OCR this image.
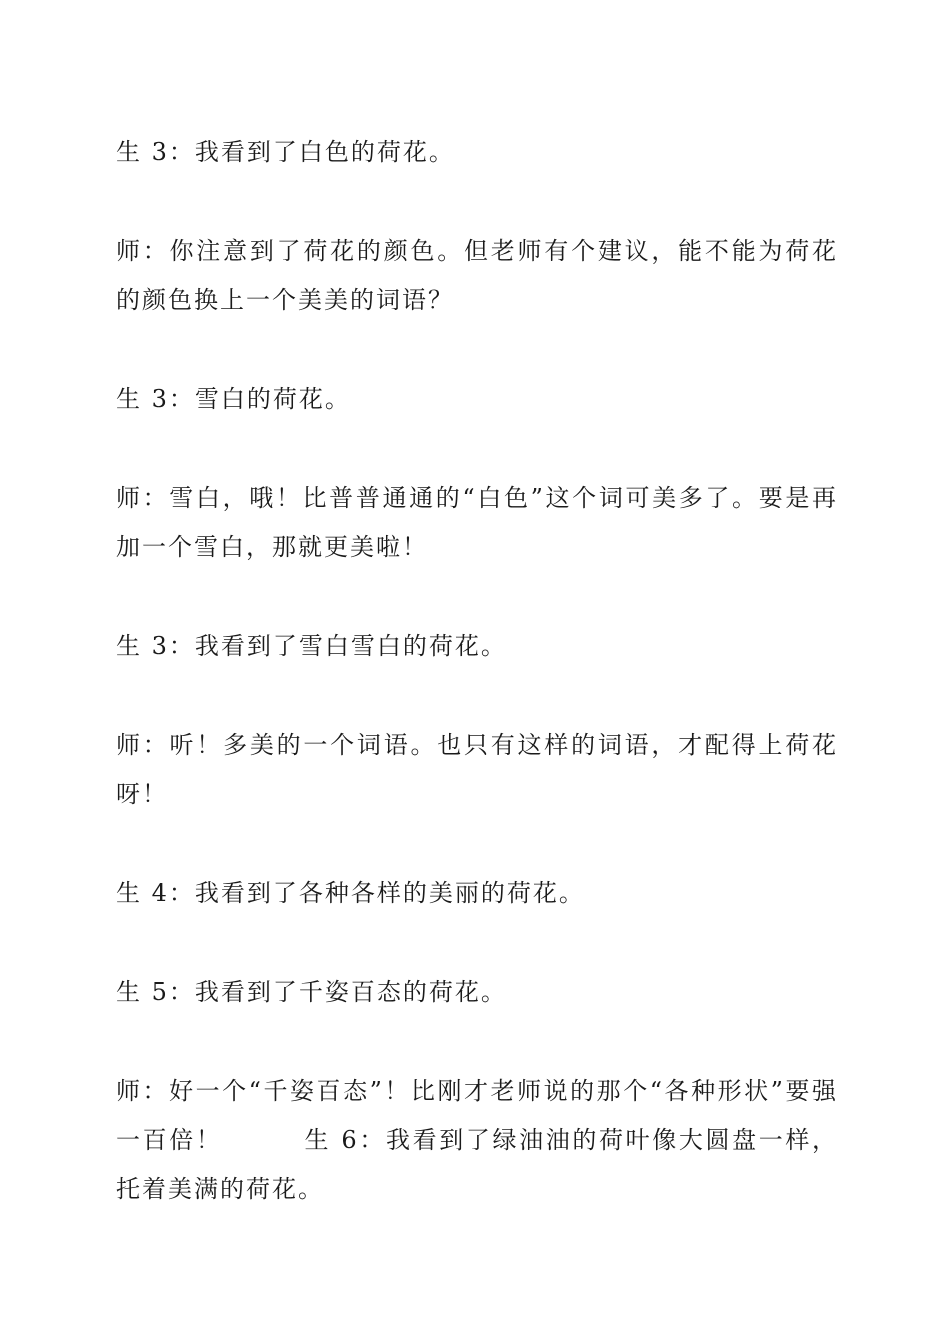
生 3：我看到了白色的荷花。

师：你注意到了荷花的颜色。但老师有个建议，能不能为荷花的颜色换上一个美美的词语？

生 3：雪白的荷花。

师：雪白，哦！比普普通通的“白色”这个词可美多了。要是再加一个雪白，那就更美啦！

生 3：我看到了雪白雪白的荷花。

师：听！多美的一个词语。也只有这样的词语，才配得上荷花呀！

生 4：我看到了各种各样的美丽的荷花。

生 5：我看到了千姿百态的荷花。

师：好一个“千姿百态”！比刚才老师说的那个“各种形状”要强一百倍！        生 6：我看到了绿油油的荷叶像大圆盘一样，托着美满的荷花。
